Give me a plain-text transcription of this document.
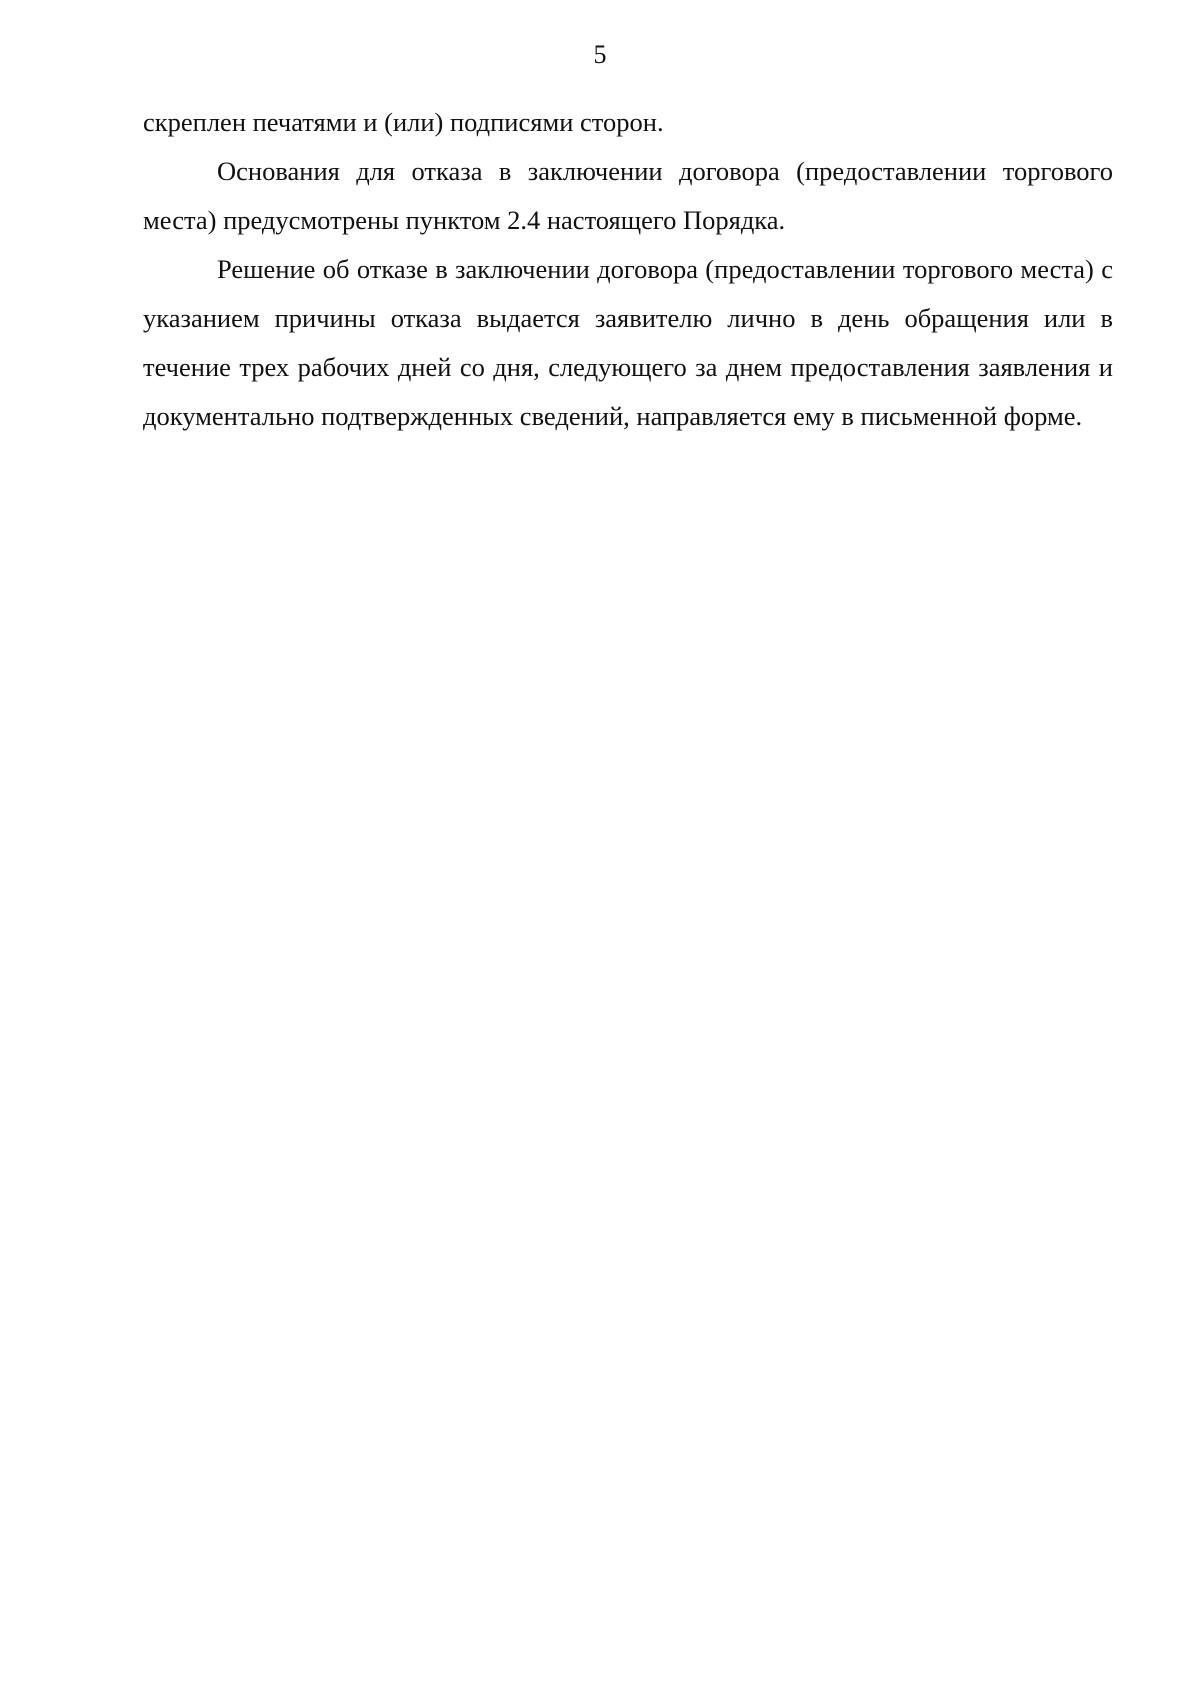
5

скреплен печатями и (или) подписями сторон.

Основания для отказа в заключении договора (предоставлении торгового места) предусмотрены пунктом 2.4 настоящего Порядка.

Решение об отказе в заключении договора (предоставлении торгового места) с указанием причины отказа выдается заявителю лично в день обращения или в течение трех рабочих дней со дня, следующего за днем предоставления заявления и документально подтвержденных сведений, направляется ему в письменной форме.
